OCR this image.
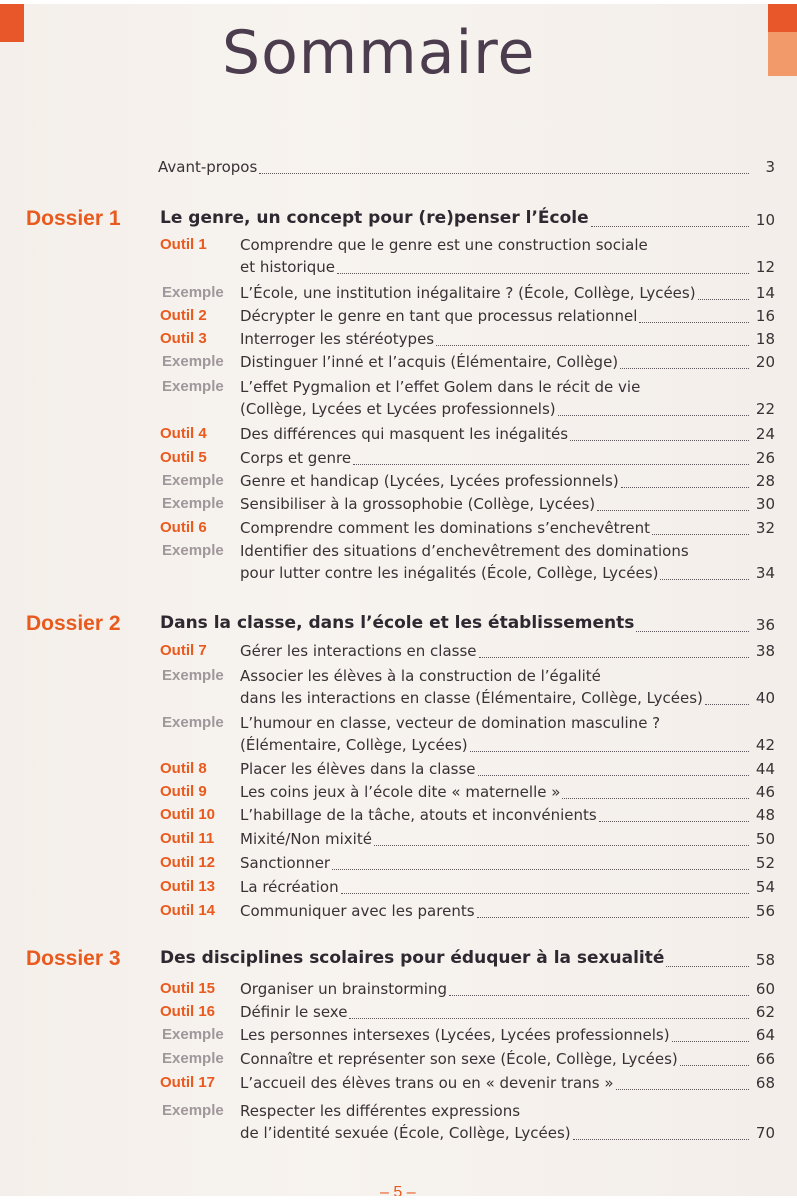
Sommaire
Avant-propos	3
Dossier 1 Le genre, un concept pour (re)penser l’École	10
Outil 1 Comprendre que le genre est une construction sociale
et historique	12
Exemple L’École, une institution inégalitaire ? (École, Collège, Lycées)	14
Outil 2 Décrypter le genre en tant que processus relationnel	16
Outil 3 Interroger les stéréotypes	18
Exemple Distinguer l’inné et l’acquis (Élémentaire, Collège)	20
Exemple L’effet Pygmalion et l’effet Golem dans le récit de vie
(Collège, Lycées et Lycées professionnels)	22
Outil 4 Des différences qui masquent les inégalités	24
Outil 5 Corps et genre	26
Exemple Genre et handicap (Lycées, Lycées professionnels)	28
Exemple Sensibiliser à la grossophobie (Collège, Lycées)	30
Outil 6 Comprendre comment les dominations s’enchevêtrent	32
Exemple Identifier des situations d’enchevêtrement des dominations
pour lutter contre les inégalités (École, Collège, Lycées)	34
Dossier 2 Dans la classe, dans l’école et les établissements	36
Outil 7 Gérer les interactions en classe	38
Exemple Associer les élèves à la construction de l’égalité
dans les interactions en classe (Élémentaire, Collège, Lycées)	40
Exemple L’humour en classe, vecteur de domination masculine ?
(Élémentaire, Collège, Lycées)	42
Outil 8 Placer les élèves dans la classe	44
Outil 9 Les coins jeux à l’école dite « maternelle »	46
Outil 10 L’habillage de la tâche, atouts et inconvénients	48
Outil 11 Mixité/Non mixité	50
Outil 12 Sanctionner	52
Outil 13 La récréation	54
Outil 14 Communiquer avec les parents	56
Dossier 3 Des disciplines scolaires pour éduquer à la sexualité	58
Outil 15 Organiser un brainstorming	60
Outil 16 Définir le sexe	62
Exemple Les personnes intersexes (Lycées, Lycées professionnels)	64
Exemple Connaître et représenter son sexe (École, Collège, Lycées)	66
Outil 17 L’accueil des élèves trans ou en « devenir trans »	68
Exemple Respecter les différentes expressions
de l’identité sexuée (École, Collège, Lycées)	70
– 5 –
